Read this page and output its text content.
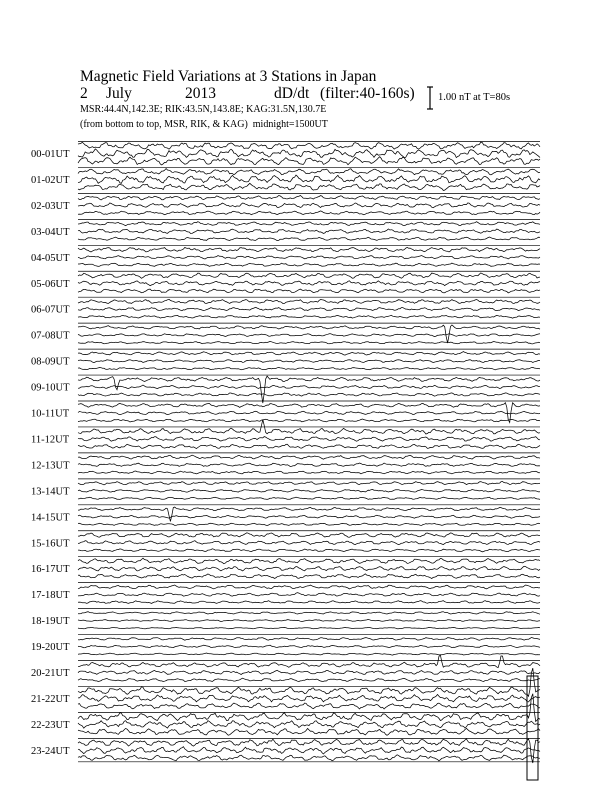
Magnetic Field Variations at 3 Stations in Japan
2 July	2013	dD/dt (filter:40-160s)
MSR:44.4N,142.3E; RIK:43.5N,143.8E; KAG:31.5N,130.7E
(from bottom to top, MSR, RIK, & KAG) midnight=1500UT
1.00 nT at T=80s
00-01UT
01-02UT
02-03UT
03-04UT
04-05UT
05-06UT
06-07UT
07-08UT
08-09UT
09-10UT
10-11UT
11-12UT
12-13UT
13-14UT
14-15UT
15-16UT
16-17UT
17-18UT
18-19UT
19-20UT
20-21UT
21-22UT
22-23UT
23-24UT
